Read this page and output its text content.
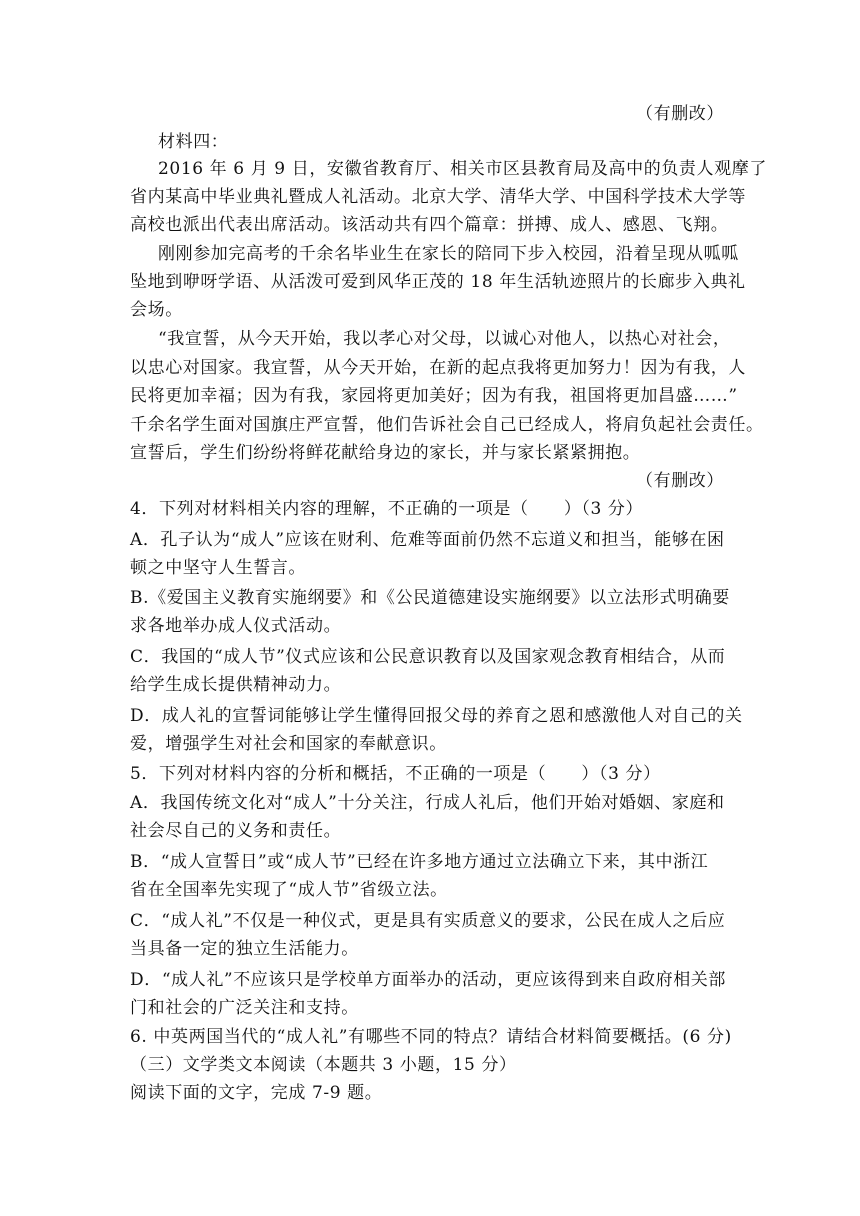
（有删改）
材料四：
2016 年 6 月 9 日，安徽省教育厅、相关市区县教育局及高中的负责人观摩了
省内某高中毕业典礼暨成人礼活动。北京大学、清华大学、中国科学技术大学等
高校也派出代表出席活动。该活动共有四个篇章：拼搏、成人、感恩、飞翔。
刚刚参加完高考的千余名毕业生在家长的陪同下步入校园，沿着呈现从呱呱
坠地到咿呀学语、从活泼可爱到风华正茂的 18 年生活轨迹照片的长廊步入典礼
会场。
“我宣誓，从今天开始，我以孝心对父母，以诚心对他人，以热心对社会，
以忠心对国家。我宣誓，从今天开始，在新的起点我将更加努力！因为有我，人
民将更加幸福；因为有我，家园将更加美好；因为有我，祖国将更加昌盛……”
千余名学生面对国旗庄严宣誓，他们告诉社会自己已经成人，将肩负起社会责任。
宣誓后，学生们纷纷将鲜花献给身边的家长，并与家长紧紧拥抱。
（有删改）
4．下列对材料相关内容的理解，不正确的一项是（　　）（3 分）
A．孔子认为“成人”应该在财利、危难等面前仍然不忘道义和担当，能够在困
顿之中坚守人生誓言。
B.《爱国主义教育实施纲要》和《公民道德建设实施纲要》以立法形式明确要
求各地举办成人仪式活动。
C．我国的“成人节”仪式应该和公民意识教育以及国家观念教育相结合，从而
给学生成长提供精神动力。
D．成人礼的宣誓词能够让学生懂得回报父母的养育之恩和感激他人对自己的关
爱，增强学生对社会和国家的奉献意识。
5．下列对材料内容的分析和概括，不正确的一项是（　　）（3 分）
A．我国传统文化对“成人”十分关注，行成人礼后，他们开始对婚姻、家庭和
社会尽自己的义务和责任。
B．“成人宣誓日”或“成人节”已经在许多地方通过立法确立下来，其中浙江
省在全国率先实现了“成人节”省级立法。
C．“成人礼”不仅是一种仪式，更是具有实质意义的要求，公民在成人之后应
当具备一定的独立生活能力。
D．“成人礼”不应该只是学校单方面举办的活动，更应该得到来自政府相关部
门和社会的广泛关注和支持。
6. 中英两国当代的“成人礼”有哪些不同的特点？请结合材料简要概括。(6 分)
（三）文学类文本阅读（本题共 3 小题，15 分）
阅读下面的文字，完成 7-9 题。
